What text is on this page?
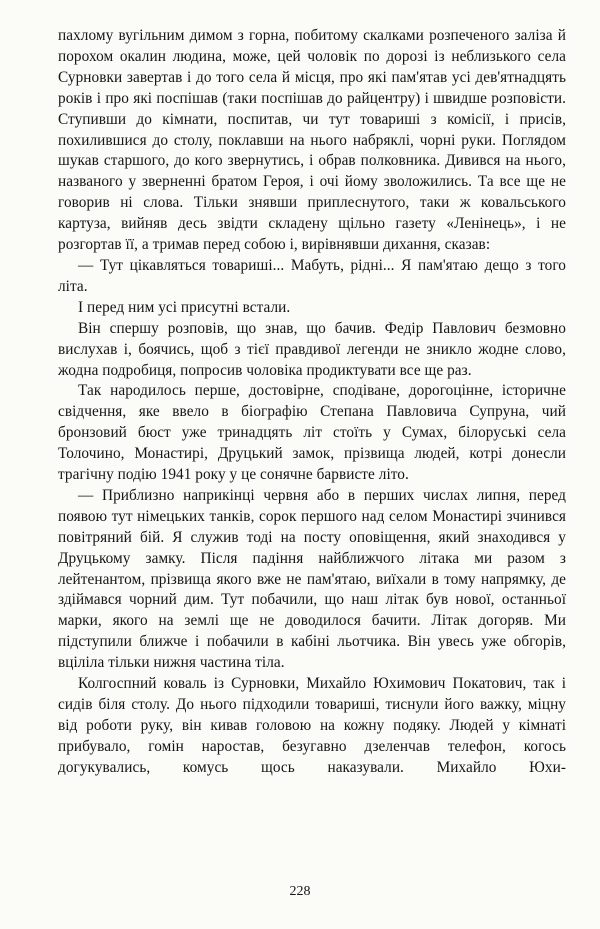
пахлому вугільним димом з горна, побитому скалками розпеченого заліза й порохом окалин людина, може, цей чоловік по дорозі із неблизького села Сурновки завертав і до того села й місця, про які пам'ятав усі дев'ятнадцять років і про які поспішав (таки поспішав до райцентру) і швидше розповісти. Ступивши до кімнати, поспитав, чи тут товариші з комісії, і присів, похилившися до столу, поклавши на нього набряклі, чорні руки. Поглядом шукав старшого, до кого звернутись, і обрав полковника. Дивився на нього, названого у зверненні братом Героя, і очі йому зволожились. Та все ще не говорив ні слова. Тільки знявши приплеснутого, таки ж ковальського картуза, вийняв десь звідти складену щільно газету «Ленінець», і не розгортав її, а тримав перед собою і, вирівнявши дихання, сказав:

— Тут цікавляться товариші... Мабуть, рідні... Я пам'ятаю дещо з того літа.

І перед ним усі присутні встали.

Він спершу розповів, що знав, що бачив. Федір Павлович безмовно вислухав і, боячись, щоб з тієї правдивої легенди не зникло жодне слово, жодна подробиця, попросив чоловіка продиктувати все ще раз.

Так народилось перше, достовірне, сподіване, дорогоцінне, історичне свідчення, яке ввело в біографію Степана Павловича Супруна, чий бронзовий бюст уже тринадцять літ стоїть у Сумах, білоруські села Толочино, Монастирі, Друцький замок, прізвища людей, котрі донесли трагічну подію 1941 року у це сонячне барвисте літо.

— Приблизно наприкінці червня або в перших числах липня, перед появою тут німецьких танків, сорок першого над селом Монастирі зчинився повітряний бій. Я служив тоді на посту оповіщення, який знаходився у Друцькому замку. Після падіння найближчого літака ми разом з лейтенантом, прізвища якого вже не пам'ятаю, виїхали в тому напрямку, де здіймався чорний дим. Тут побачили, що наш літак був нової, останньої марки, якого на землі ще не доводилося бачити. Літак догоряв. Ми підступили ближче і побачили в кабіні льотчика. Він увесь уже обгорів, вціліла тільки нижня частина тіла.

Колгоспний коваль із Сурновки, Михайло Юхимович Покатович, так і сидів біля столу. До нього підходили товариші, тиснули його важку, міцну від роботи руку, він кивав головою на кожну подяку. Людей у кімнаті прибувало, гомін наростав, безугавно дзеленчав телефон, когось догукувались, комусь щось наказували. Михайло Юхи-

228
